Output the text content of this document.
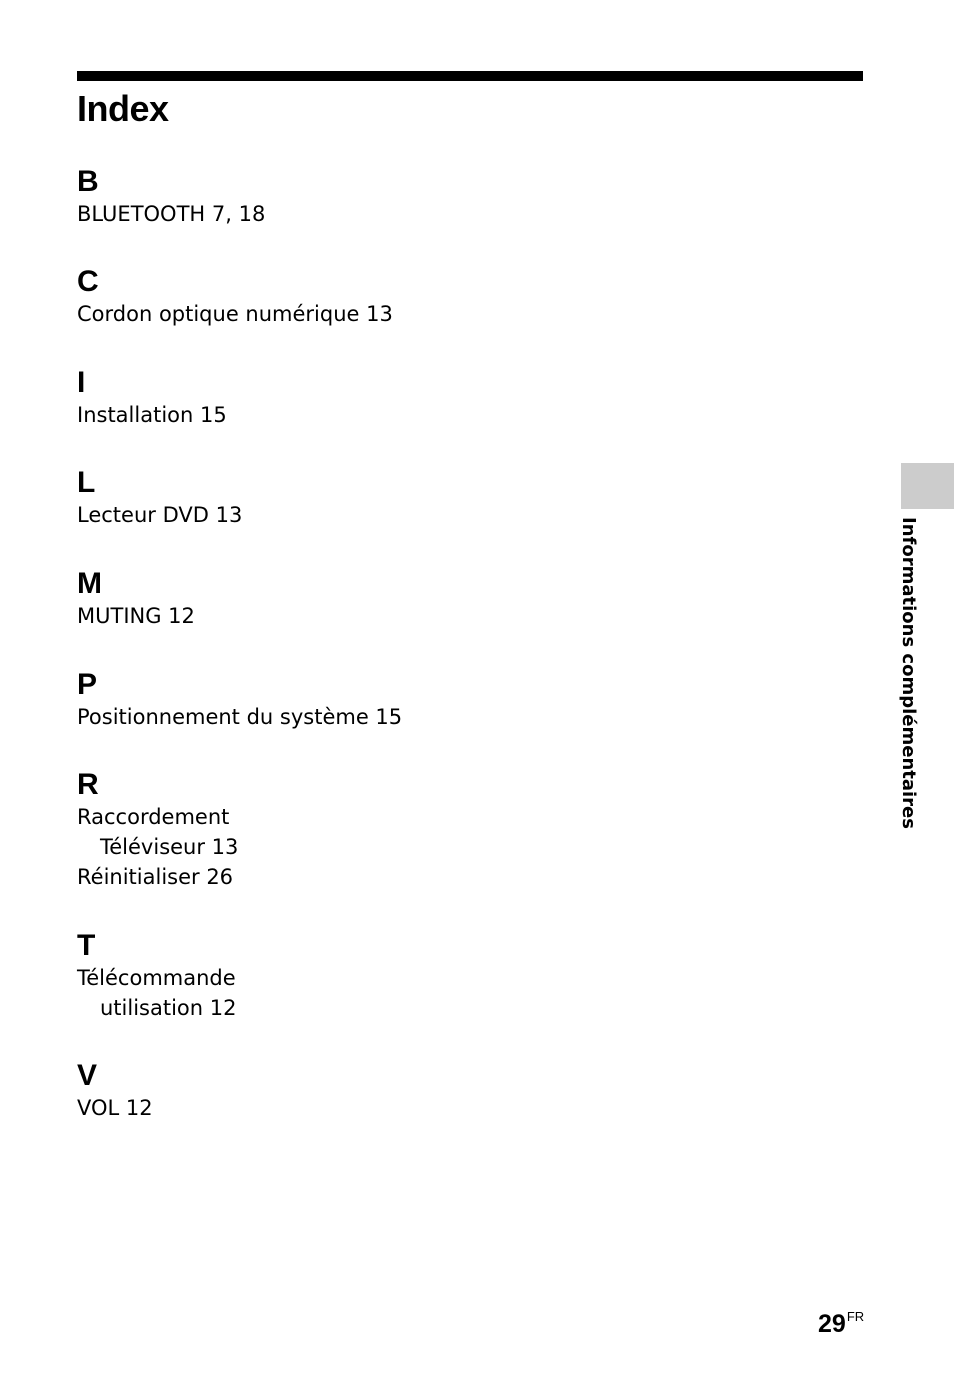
Index
B
BLUETOOTH 7, 18
C
Cordon optique numérique 13
I
Installation 15
L
Lecteur DVD 13
M
MUTING 12
P
Positionnement du système 15
R
Raccordement
Téléviseur 13
Réinitialiser 26
T
Télécommande
utilisation 12
V
VOL 12
Informations complémentaires
$29^{FR}$
